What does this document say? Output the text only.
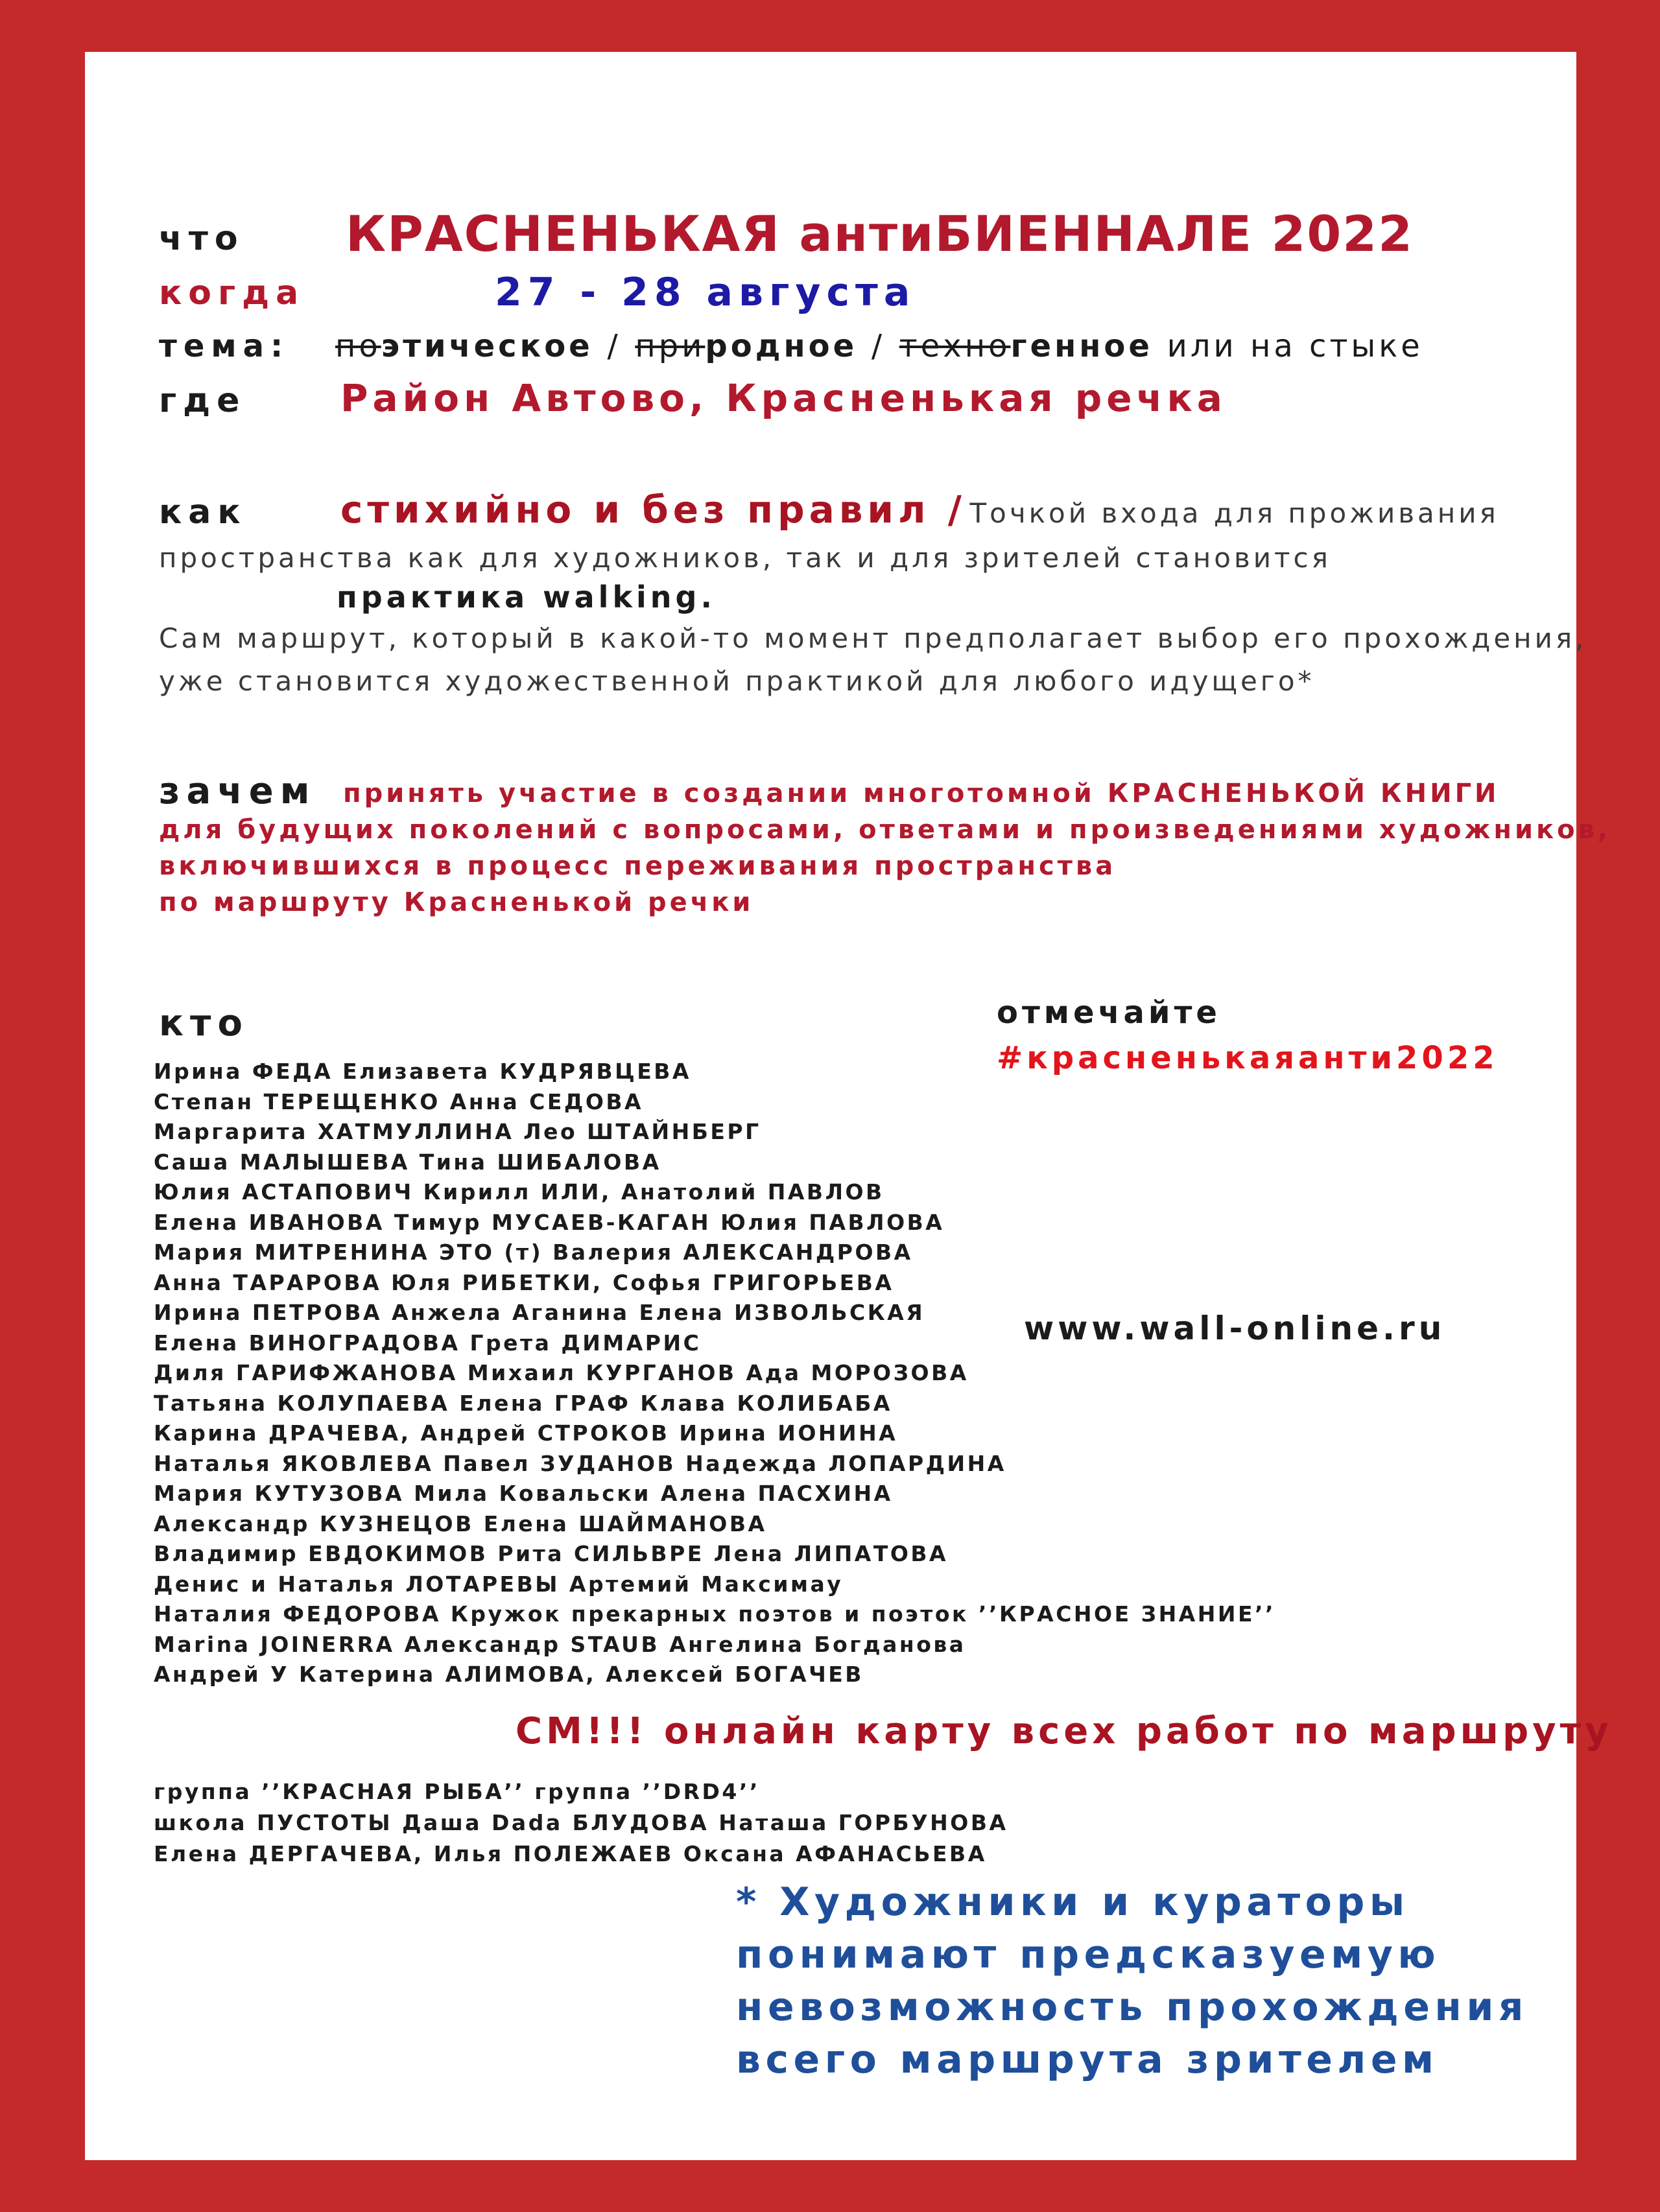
что КРАСНЕНЬКАЯ антиБИЕННАЛЕ 2022
когда	27 - 28 августа
тема: поэтическое / природное / техногенное или на стыке
где	Район Автово, Красненькая речка
как стихийно и без правил / Точкой входа для проживания
пространства как для художников, так и для зрителей становится
практика walking.
Сам маршрут, который в какой-то момент предполагает выбор его прохождения,
уже становится художественной практикой для любого идущего*
зачем	принять участие в создании многотомной КРАСНЕНЬКОЙ КНИГИ
для будущих поколений с вопросами, ответами и произведениями художников,
включившихся в процесс переживания пространства
по маршруту Красненькой речки
кто
Ирина ФЕДА Елизавета КУДРЯВЦЕВА
Степан ТЕРЕЩЕНКО Анна СЕДОВА
Маргарита ХАТМУЛЛИНА Лео ШТАЙНБЕРГ
Саша МАЛЫШЕВА Тина ШИБАЛОВА
Юлия АСТАПОВИЧ Кирилл ИЛИ, Анатолий ПАВЛОВ
Елена ИВАНОВА Тимур МУСАЕВ-КАГАН Юлия ПАВЛОВА
Мария МИТРЕНИНА ЭТО (т) Валерия АЛЕКСАНДРОВА
Анна ТАРАРОВА Юля РИБЕТКИ, Софья ГРИГОРЬЕВА
Ирина ПЕТРОВА Анжела Аганина Елена ИЗВОЛЬСКАЯ
Елена ВИНОГРАДОВА Грета ДИМАРИС
Диля ГАРИФЖАНОВА Михаил КУРГАНОВ Ада МОРОЗОВА
Татьяна КОЛУПАЕВА Елена ГРАФ Клава КОЛИБАБА
Карина ДРАЧЕВА, Андрей СТРОКОВ Ирина ИОНИНА
Наталья ЯКОВЛЕВА Павел ЗУДАНОВ Надежда ЛОПАРДИНА
Мария КУТУЗОВА Мила Ковальски Алена ПАСХИНА
Александр КУЗНЕЦОВ Елена ШАЙМАНОВА
Владимир ЕВДОКИМОВ Рита СИЛЬВРЕ Лена ЛИПАТОВА
Денис и Наталья ЛОТАРЕВЫ Артемий Максимау
Наталия ФЕДОРОВА Кружок прекарных поэтов и поэток ’’КРАСНОЕ ЗНАНИЕ’’
Marina JOINERRA Александр STAUB Ангелина Богданова
Андрей У Катерина АЛИМОВА, Алексей БОГАЧЕВ
отмечайте
#красненькаяанти2022
www.wall-online.ru
СМ!!! онлайн карту всех работ по маршруту
группа ’’КРАСНАЯ РЫБА’’ группа ’’DRD4’’
школа ПУСТОТЫ Даша Dada БЛУДОВА Наташа ГОРБУНОВА
Елена ДЕРГАЧЕВА, Илья ПОЛЕЖАЕВ Оксана АФАНАСЬЕВА
* Художники и кураторы
понимают предсказуемую
невозможность прохождения
всего маршрута зрителем
